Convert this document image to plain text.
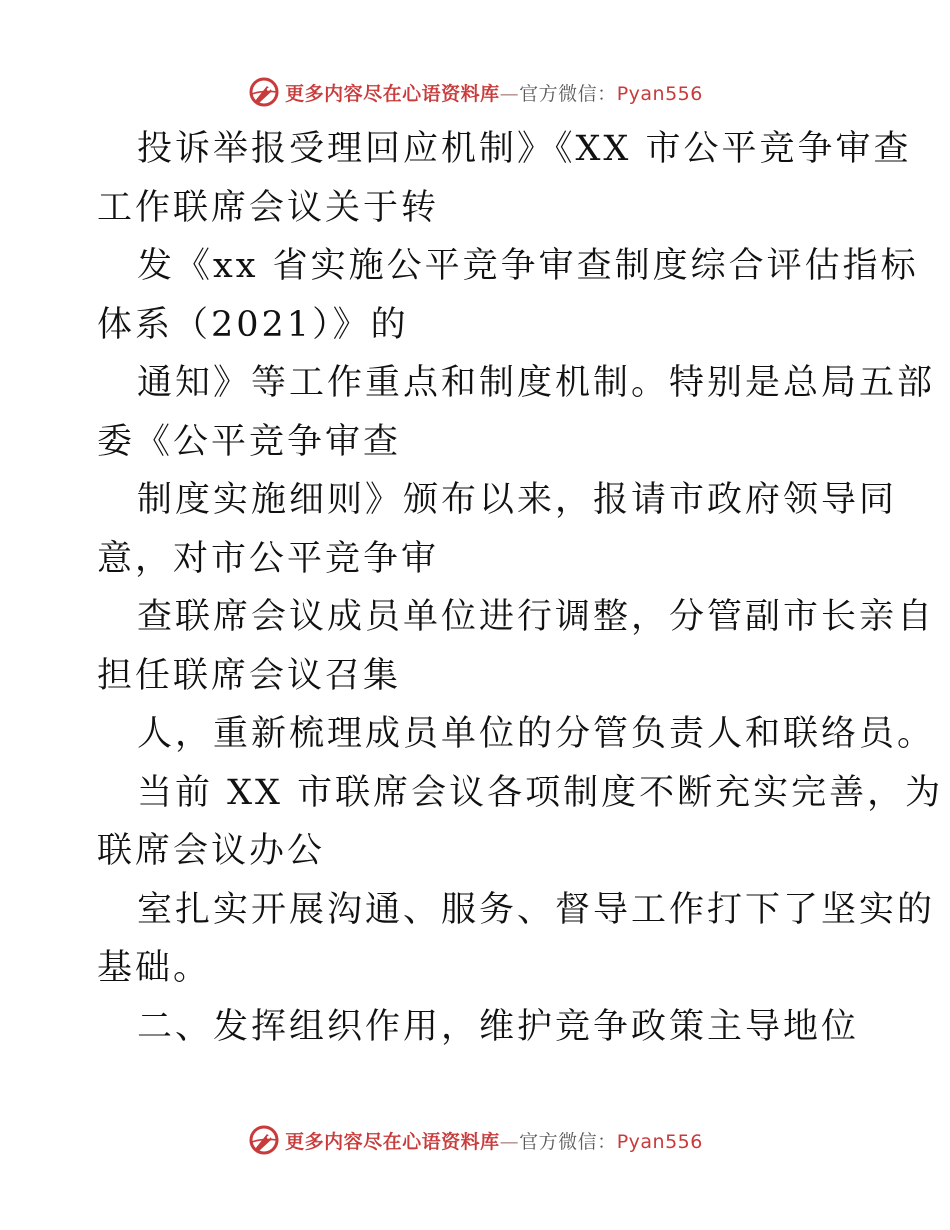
更多内容尽在心语资料库—官方微信：Pyan556
投诉举报受理回应机制》《XX 市公平竞争审查
工作联席会议关于转
发《xx 省实施公平竞争审查制度综合评估指标
体系（2021）》的
通知》等工作重点和制度机制。特别是总局五部
委《公平竞争审查
制度实施细则》颁布以来，报请市政府领导同
意，对市公平竞争审
查联席会议成员单位进行调整，分管副市长亲自
担任联席会议召集
人，重新梳理成员单位的分管负责人和联络员。
当前 XX 市联席会议各项制度不断充实完善，为
联席会议办公
室扎实开展沟通、服务、督导工作打下了坚实的
基础。
二、发挥组织作用，维护竞争政策主导地位
更多内容尽在心语资料库—官方微信：Pyan556
